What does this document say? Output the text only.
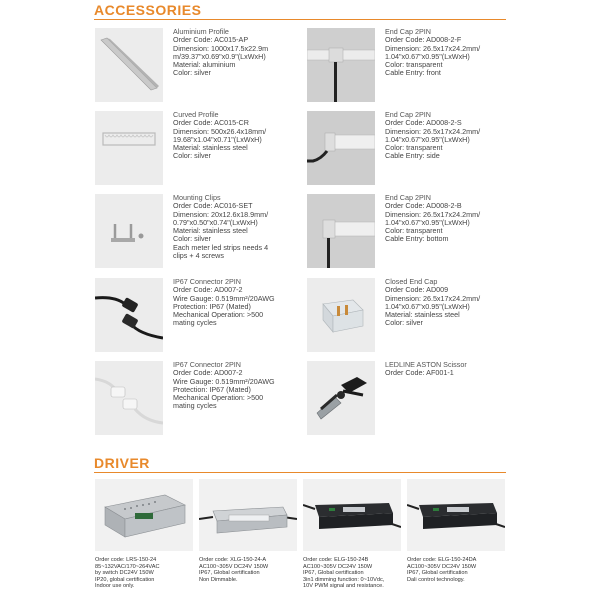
ACCESSORIES
Aluminium Profile
Order Code: AC015-AP
Dimension: 1000x17.5x22.9m
m/39.37"x0.69"x0.9"(LxWxH)
Material: aluminium
Color: silver
End Cap 2PIN
Order Code: AD008-2-F
Dimension: 26.5x17x24.2mm/
1.04"x0.67"x0.95"(LxWxH)
Color: transparent
Cable Entry: front
Curved Profile
Order Code: AC015-CR
Dimension: 500x26.4x18mm/
19.68"x1.04"x0.71"(LxWxH)
Material: stainless steel
Color: silver
End Cap 2PIN
Order Code: AD008-2-S
Dimension: 26.5x17x24.2mm/
1.04"x0.67"x0.95"(LxWxH)
Color: transparent
Cable Entry: side
Mounting Clips
Order Code: AC016-SET
Dimension: 20x12.6x18.9mm/
0.79"x0.50"x0.74"(LxWxH)
Material: stainless steel
Color: silver
Each meter led strips needs 4
clips + 4 screws
End Cap 2PIN
Order Code: AD008-2-B
Dimension: 26.5x17x24.2mm/
1.04"x0.67"x0.95"(LxWxH)
Color: transparent
Cable Entry: bottom
IP67 Connector 2PIN
Order Code: AD007-2
Wire Gauge: 0.519mm²/20AWG
Protection: IP67 (Mated)
Mechanical Operation: >500
mating cycles
Closed End Cap
Order Code: AD009
Dimension: 26.5x17x24.2mm/
1.04"x0.67"x0.95"(LxWxH)
Material: stainless steel
Color: silver
IP67 Connector 2PIN
Order Code: AD007-2
Wire Gauge: 0.519mm²/20AWG
Protection: IP67 (Mated)
Mechanical Operation: >500
mating cycles
LEDLINE ASTON Scissor
Order Code: AF001-1
DRIVER
Order code: LRS-150-24
85~132VAC/170~264VAC
by switch DC24V 150W
IP20, global certification
Indoor use only.
Order code: XLG-150-24-A
AC100~305V DC24V 150W
IP67, Global certification
Non Dimmable.
Order code: ELG-150-24B
AC100~305V DC24V 150W
IP67, Global certification
3in1 dimming function: 0~10Vdc,
10V PWM signal and resistance.
Order code: ELG-150-24DA
AC100~305V DC24V 150W
IP67, Global certification
Dali control technology.
